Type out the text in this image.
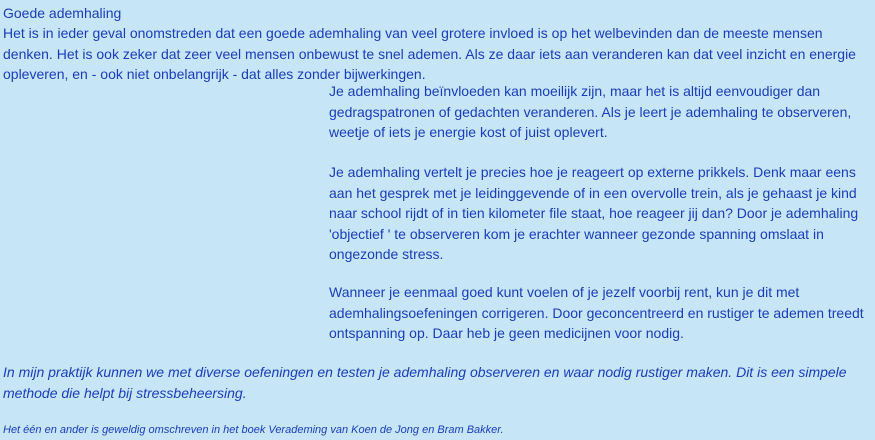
Goede ademhaling

Het is in ieder geval onomstreden dat een goede ademhaling van veel grotere invloed is op het welbevinden dan de meeste mensen denken. Het is ook zeker dat zeer veel mensen onbewust te snel ademen. Als ze daar iets aan veranderen kan dat veel inzicht en energie opleveren, en - ook niet onbelangrijk - dat alles zonder bijwerkingen.

Je ademhaling beïnvloeden kan moeilijk zijn, maar het is altijd eenvoudiger dan gedragspatronen of gedachten veranderen. Als je leert je ademhaling te observeren, weetje of iets je energie kost of juist oplevert.

Je ademhaling vertelt je precies hoe je reageert op externe prikkels. Denk maar eens aan het gesprek met je leidinggevende of in een overvolle trein, als je gehaast je kind naar school rijdt of in tien kilometer file staat, hoe reageer jij dan? Door je ademhaling 'objectief ' te observeren kom je erachter wanneer gezonde spanning omslaat in ongezonde stress.

Wanneer je eenmaal goed kunt voelen of je jezelf voorbij rent, kun je dit met ademhalingsoefeningen corrigeren. Door geconcentreerd en rustiger te ademen treedt ontspanning op. Daar heb je geen medicijnen voor nodig.

In mijn praktijk kunnen we met diverse oefeningen en testen je ademhaling observeren en waar nodig rustiger maken. Dit is een simpele methode die helpt bij stressbeheersing.

Het één en ander is geweldig omschreven in het boek Verademing van Koen de Jong en Bram Bakker.
